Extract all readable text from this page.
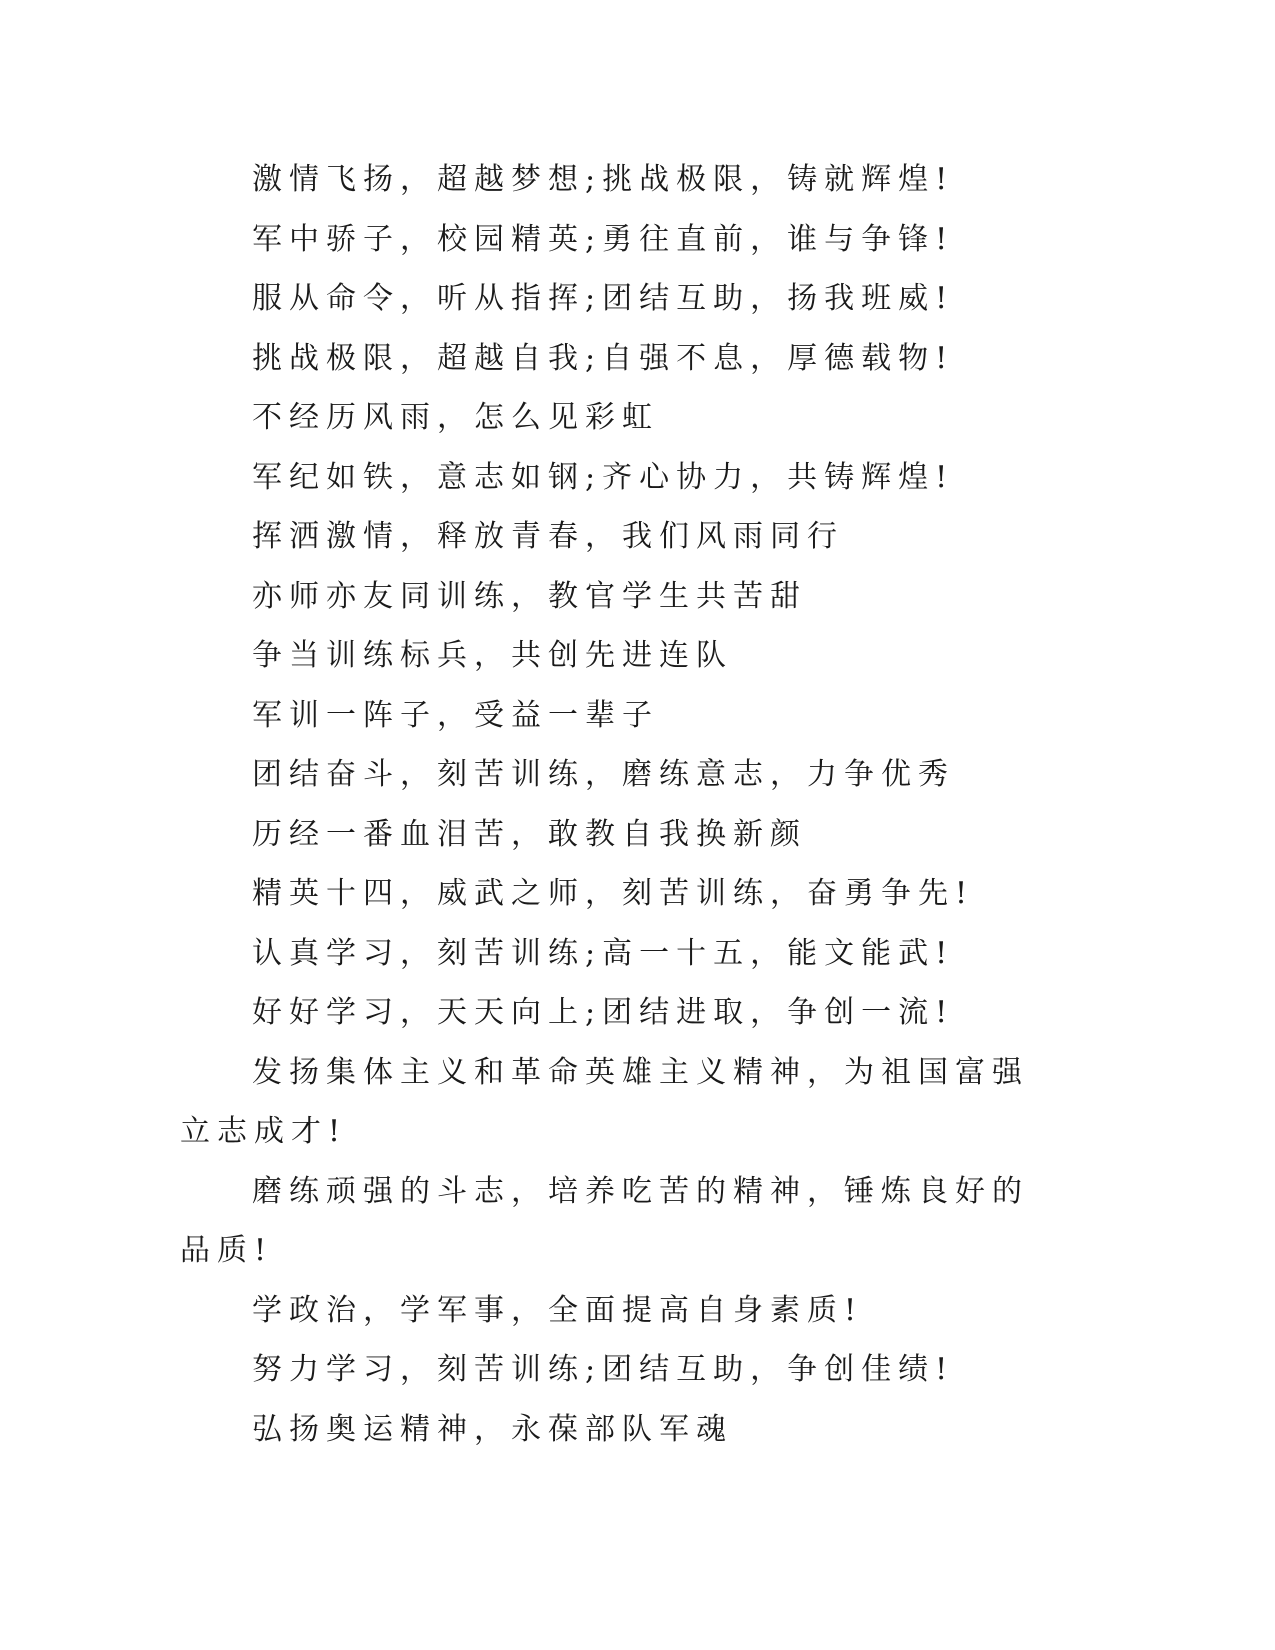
激情飞扬，超越梦想;挑战极限，铸就辉煌!

军中骄子，校园精英;勇往直前，谁与争锋!

服从命令，听从指挥;团结互助，扬我班威!

挑战极限，超越自我;自强不息，厚德载物!

不经历风雨，怎么见彩虹

军纪如铁，意志如钢;齐心协力，共铸辉煌!

挥洒激情，释放青春，我们风雨同行

亦师亦友同训练，教官学生共苦甜

争当训练标兵，共创先进连队

军训一阵子，受益一辈子

团结奋斗，刻苦训练，磨练意志，力争优秀

历经一番血泪苦，敢教自我换新颜

精英十四，威武之师，刻苦训练，奋勇争先!

认真学习，刻苦训练;高一十五，能文能武!

好好学习，天天向上;团结进取，争创一流!

发扬集体主义和革命英雄主义精神，为祖国富强立志成才!

磨练顽强的斗志，培养吃苦的精神，锤炼良好的品质!

学政治，学军事，全面提高自身素质!

努力学习，刻苦训练;团结互助，争创佳绩!

弘扬奥运精神，永葆部队军魂
